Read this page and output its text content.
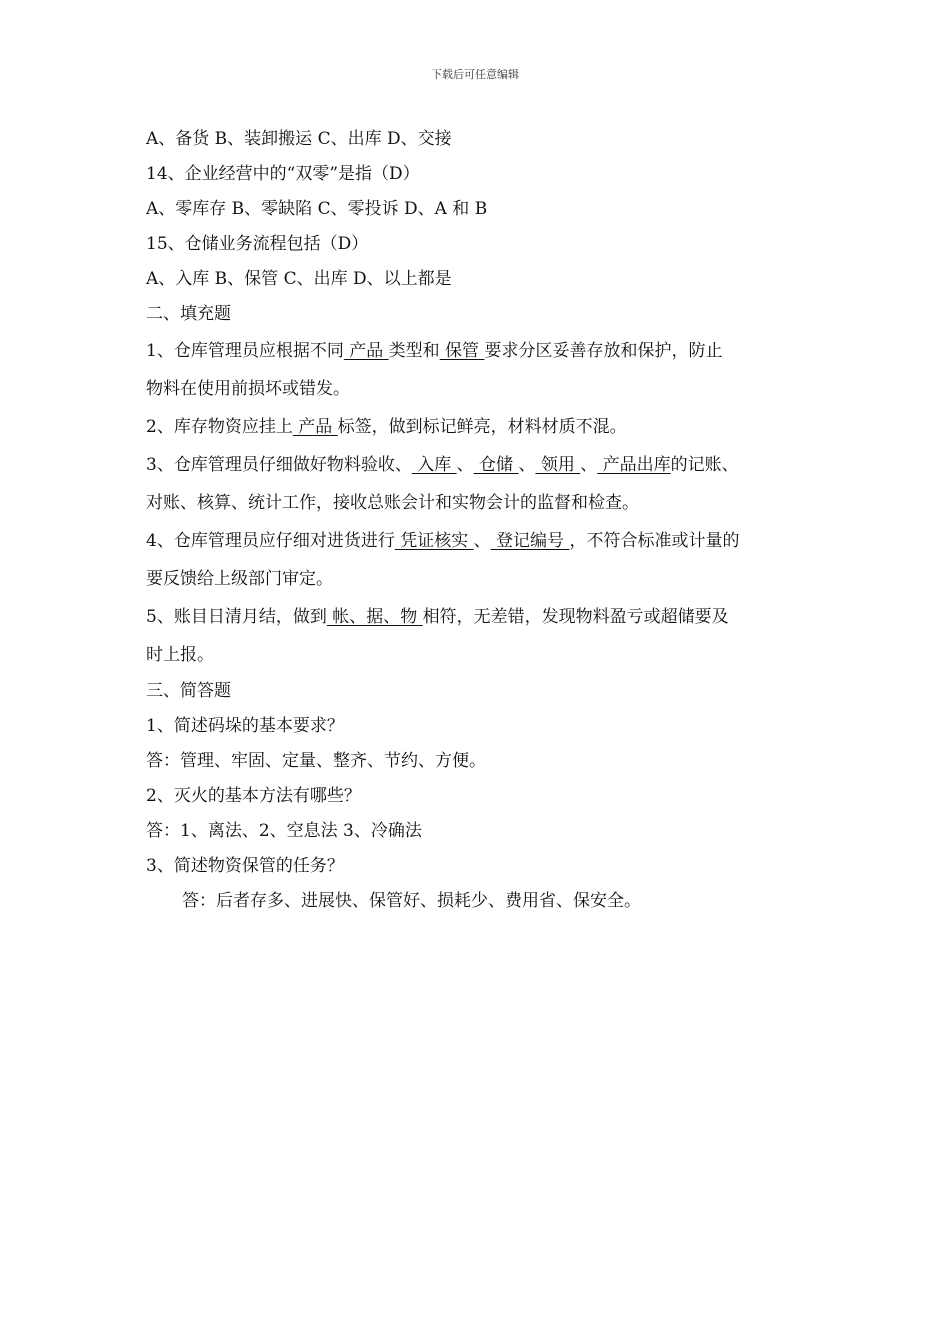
下载后可任意编辑
A、备货 B、装卸搬运 C、出库 D、交接
14、企业经营中的“双零”是指（D）
A、零库存 B、零缺陷 C、零投诉 D、A 和 B
15、仓储业务流程包括（D）
A、入库 B、保管 C、出库 D、以上都是
二、填充题
1、仓库管理员应根据不同 产品 类型和 保管 要求分区妥善存放和保护，防止
物料在使用前损坏或错发。
2、库存物资应挂上 产品 标签，做到标记鲜亮，材料材质不混。
3、仓库管理员仔细做好物料验收、 入库 、 仓储 、 领用 、 产品出库的记账、
对账、核算、统计工作，接收总账会计和实物会计的监督和检查。
4、仓库管理员应仔细对进货进行 凭证核实 、 登记编号 ，不符合标准或计量的
要反馈给上级部门审定。
5、账目日清月结，做到 帐、据、物 相符，无差错，发现物料盈亏或超储要及
时上报。
三、简答题
1、简述码垛的基本要求？
答：管理、牢固、定量、整齐、节约、方便。
2、灭火的基本方法有哪些？
答：1、离法、2、空息法 3、冷确法
3、简述物资保管的任务？
答：后者存多、进展快、保管好、损耗少、费用省、保安全。
